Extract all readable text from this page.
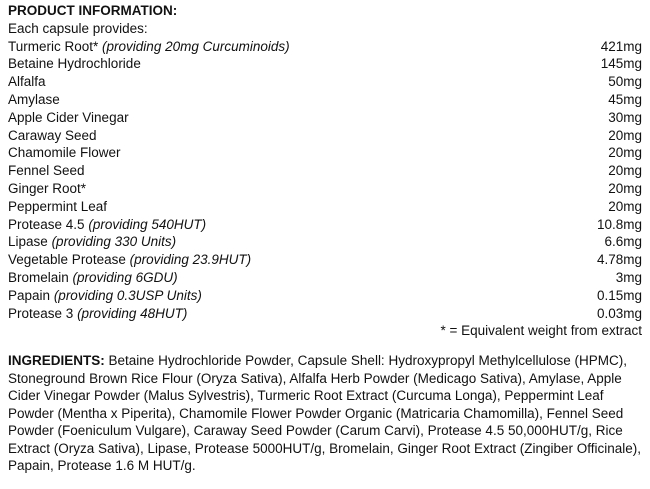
PRODUCT INFORMATION:
Each capsule provides:
Turmeric Root* (providing 20mg Curcuminoids)	421mg
Betaine Hydrochloride	145mg
Alfalfa	50mg
Amylase	45mg
Apple Cider Vinegar	30mg
Caraway Seed	20mg
Chamomile Flower	20mg
Fennel Seed	20mg
Ginger Root*	20mg
Peppermint Leaf	20mg
Protease 4.5 (providing 540HUT)	10.8mg
Lipase (providing 330 Units)	6.6mg
Vegetable Protease (providing 23.9HUT)	4.78mg
Bromelain (providing 6GDU)	3mg
Papain (providing 0.3USP Units)	0.15mg
Protease 3 (providing 48HUT)	0.03mg
* = Equivalent weight from extract
INGREDIENTS: Betaine Hydrochloride Powder, Capsule Shell: Hydroxypropyl Methylcellulose (HPMC), Stoneground Brown Rice Flour (Oryza Sativa), Alfalfa Herb Powder (Medicago Sativa), Amylase, Apple Cider Vinegar Powder (Malus Sylvestris), Turmeric Root Extract (Curcuma Longa), Peppermint Leaf Powder (Mentha x Piperita), Chamomile Flower Powder Organic (Matricaria Chamomilla), Fennel Seed Powder (Foeniculum Vulgare), Caraway Seed Powder (Carum Carvi), Protease 4.5 50,000HUT/g, Rice Extract (Oryza Sativa), Lipase, Protease 5000HUT/g, Bromelain, Ginger Root Extract (Zingiber Officinale), Papain, Protease 1.6 M HUT/g.
